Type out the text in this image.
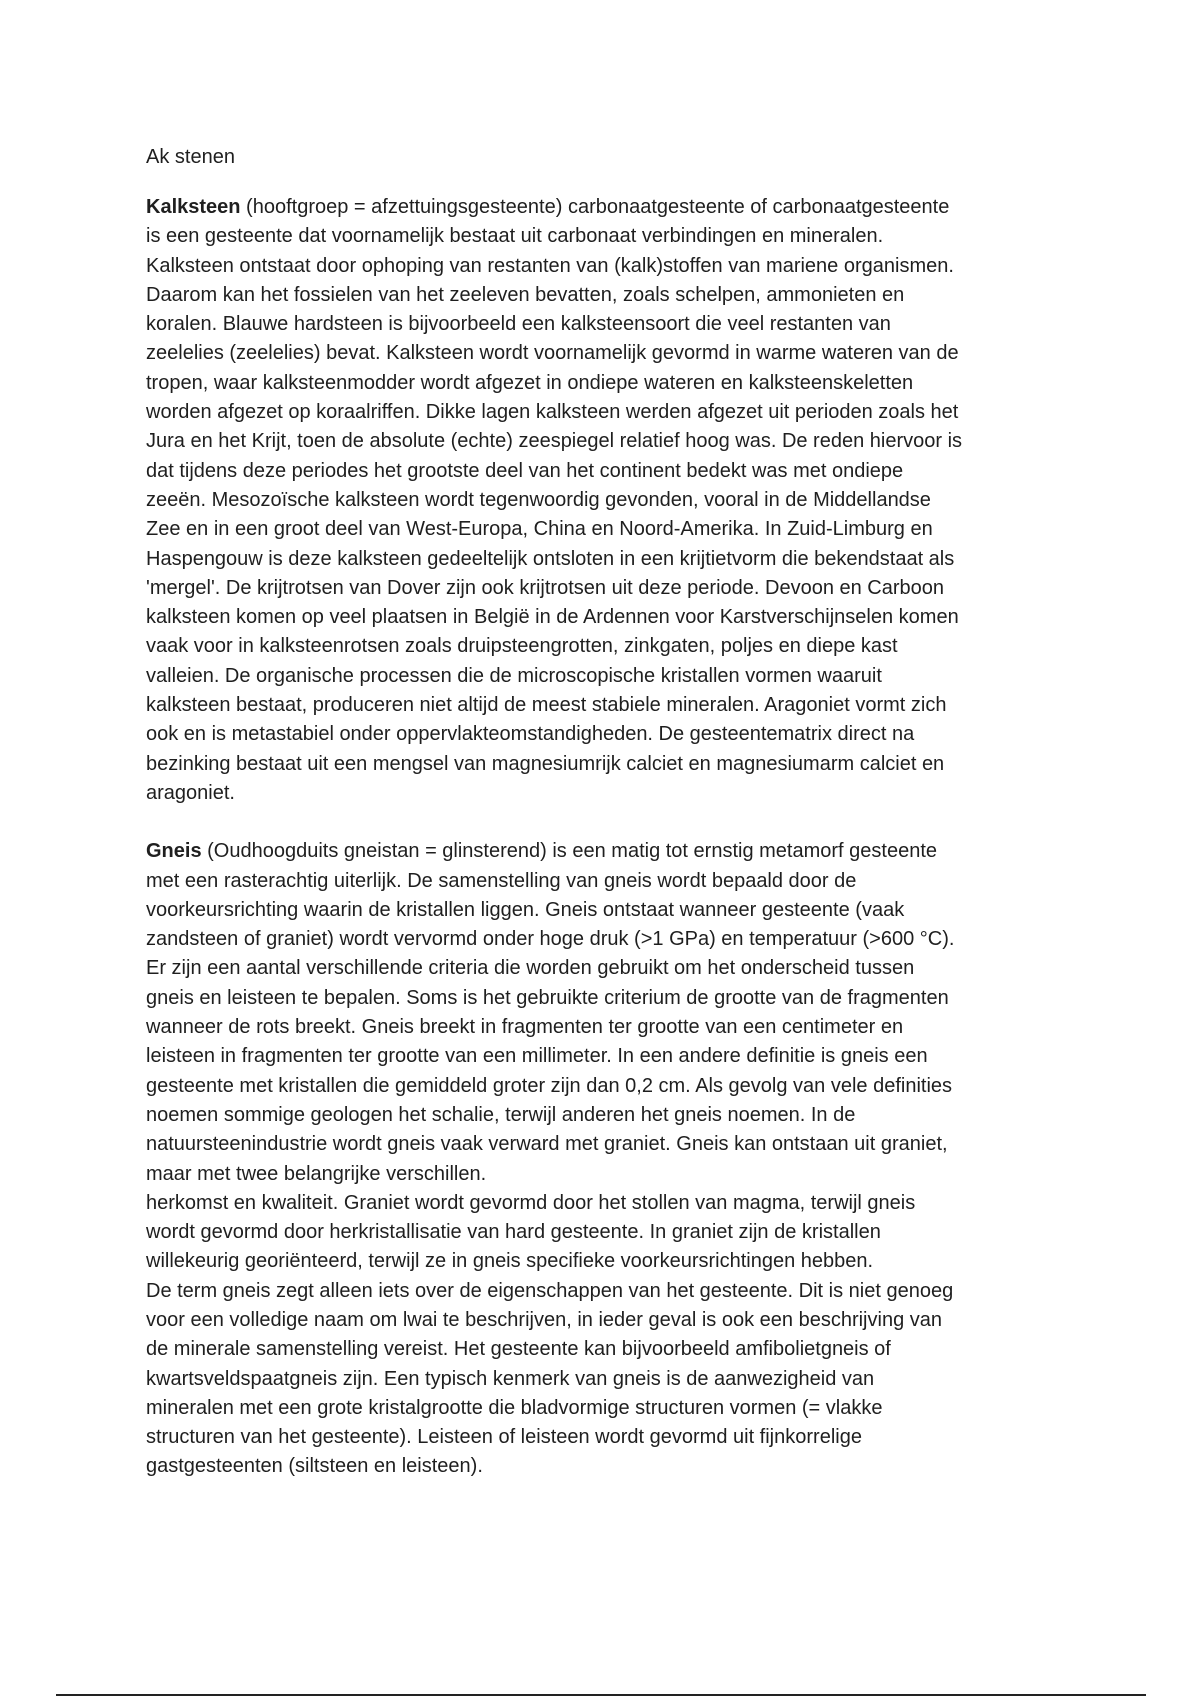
Ak stenen
Kalksteen (hooftgroep = afzettuingsgesteente) carbonaatgesteente of carbonaatgesteente
is een gesteente dat voornamelijk bestaat uit carbonaat verbindingen en mineralen.
Kalksteen ontstaat door ophoping van restanten van (kalk)stoffen van mariene organismen.
Daarom kan het fossielen van het zeeleven bevatten, zoals schelpen, ammonieten en
koralen. Blauwe hardsteen is bijvoorbeeld een kalksteensoort die veel restanten van
zeelelies (zeelelies) bevat. Kalksteen wordt voornamelijk gevormd in warme wateren van de
tropen, waar kalksteenmodder wordt afgezet in ondiepe wateren en kalksteenskeletten
worden afgezet op koraalriffen. Dikke lagen kalksteen werden afgezet uit perioden zoals het
Jura en het Krijt, toen de absolute (echte) zeespiegel relatief hoog was. De reden hiervoor is
dat tijdens deze periodes het grootste deel van het continent bedekt was met ondiepe
zeeën. Mesozoïsche kalksteen wordt tegenwoordig gevonden, vooral in de Middellandse
Zee en in een groot deel van West-Europa, China en Noord-Amerika. In Zuid-Limburg en
Haspengouw is deze kalksteen gedeeltelijk ontsloten in een krijtietvorm die bekendstaat als
'mergel'. De krijtrotsen van Dover zijn ook krijtrotsen uit deze periode. Devoon en Carboon
kalksteen komen op veel plaatsen in België in de Ardennen voor Karstverschijnselen komen
vaak voor in kalksteenrotsen zoals druipsteengrotten, zinkgaten, poljes en diepe kast
valleien. De organische processen die de microscopische kristallen vormen waaruit
kalksteen bestaat, produceren niet altijd de meest stabiele mineralen. Aragoniet vormt zich
ook en is metastabiel onder oppervlakteomstandigheden. De gesteentematrix direct na
bezinking bestaat uit een mengsel van magnesiumrijk calciet en magnesiumarm calciet en
aragoniet.
Gneis (Oudhoogduits gneistan = glinsterend) is een matig tot ernstig metamorf gesteente
met een rasterachtig uiterlijk. De samenstelling van gneis wordt bepaald door de
voorkeursrichting waarin de kristallen liggen. Gneis ontstaat wanneer gesteente (vaak
zandsteen of graniet) wordt vervormd onder hoge druk (>1 GPa) en temperatuur (>600 °C).
Er zijn een aantal verschillende criteria die worden gebruikt om het onderscheid tussen
gneis en leisteen te bepalen. Soms is het gebruikte criterium de grootte van de fragmenten
wanneer de rots breekt. Gneis breekt in fragmenten ter grootte van een centimeter en
leisteen in fragmenten ter grootte van een millimeter. In een andere definitie is gneis een
gesteente met kristallen die gemiddeld groter zijn dan 0,2 cm. Als gevolg van vele definities
noemen sommige geologen het schalie, terwijl anderen het gneis noemen. In de
natuursteenindustrie wordt gneis vaak verward met graniet. Gneis kan ontstaan uit graniet,
maar met twee belangrijke verschillen.
herkomst en kwaliteit. Graniet wordt gevormd door het stollen van magma, terwijl gneis
wordt gevormd door herkristallisatie van hard gesteente. In graniet zijn de kristallen
willekeurig georiënteerd, terwijl ze in gneis specifieke voorkeursrichtingen hebben.
De term gneis zegt alleen iets over de eigenschappen van het gesteente. Dit is niet genoeg
voor een volledige naam om lwai te beschrijven, in ieder geval is ook een beschrijving van
de minerale samenstelling vereist. Het gesteente kan bijvoorbeeld amfibolietgneis of
kwartsveldspaatgneis zijn. Een typisch kenmerk van gneis is de aanwezigheid van
mineralen met een grote kristalgrootte die bladvormige structuren vormen (= vlakke
structuren van het gesteente). Leisteen of leisteen wordt gevormd uit fijnkorrelige
gastgesteenten (siltsteen en leisteen).
